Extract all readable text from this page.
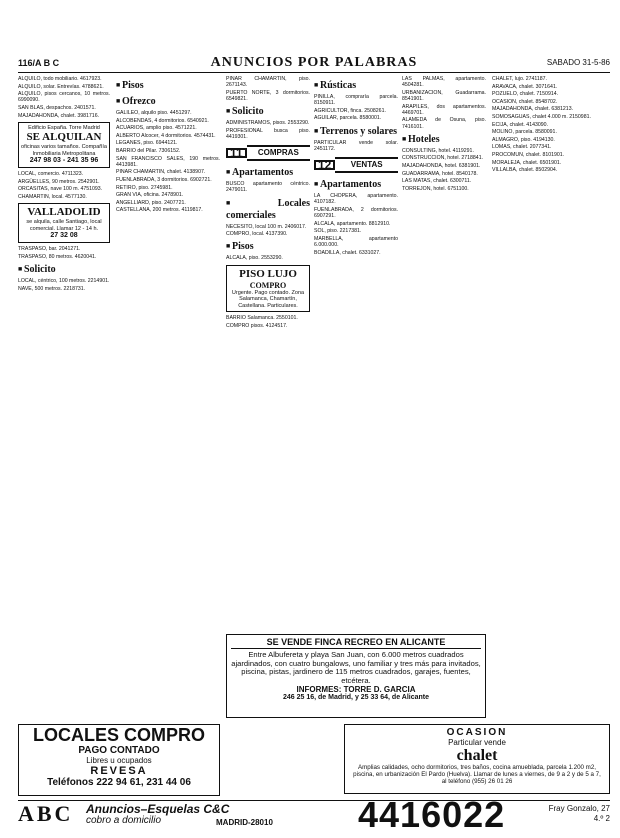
116/A B C	ANUNCIOS POR PALABRAS	SABADO 31-5-86

ALQUILO, todo mobiliario. 4617923.

ALQUILO, solar. Entrevías. 4788621.

ALQUILO, pisos cercanos, 10 metros. 6990090.

SAN BLAS, despachos. 2401571.

MAJADAHONDA, chalet. 3981716.

Edificio España. Torre Madrid
SE ALQUILAN
oficinas varios tamaños. Compañía Inmobiliaria Metropolitana
247 98 03 - 241 35 96

LOCAL, comercio. 4711323.

ARGÜELLES, 90 metros. 2542901.

ORCASITAS, nave 100 m. 4751093.

CHAMARTIN, local. 4577130.

VALLADOLID
se alquila, calle Santiago, local comercial. Llamar 12 - 14 h.
27 32 08

TRASPASO, bar. 2041271.

TRASPASO, 80 metros. 4620041.

■ Solicito

LOCAL, céntrico, 100 metros. 2214901.

NAVE, 500 metros. 2218731.

■ Pisos
■ Ofrezco

GALILEO, alquilo piso. 4451297.

ALCOBENDAS, 4 dormitorios. 6540921.

ACUARIOS, amplio piso. 4571221.

ALBERTO Alcocer, 4 dormitorios. 4574431.

LEGANES, piso. 6944121.

BARRIO del Pilar. 7306152.

SAN FRANCISCO SALES, 190 metros. 4413981.

PINAR CHAMARTIN, chalet. 4138907.

FUENLABRADA, 3 dormitorios. 6902721.

RETIRO, piso. 2745981.

GRAN VIA, oficina. 2478901.

ANGELLIARD, piso. 2407721.

CASTELLANA, 200 metros. 4119817.

PINAR CHAMARTIN, piso. 2671143.

PUERTO NORTE, 3 dormitorios. 6549821.

■ Solicito

ADMINISTRAMOS, pisos. 2553290.

PROFESIONAL busca piso. 4419301.

11	COMPRAS
■ Apartamentos

BUSCO apartamento céntrico. 2479011.

■ Locales comerciales

NECESITO, local 100 m. 2406017.

COMPRO, local. 4137390.

■ Pisos

ALCALA, piso. 2553290.

PISO LUJO
COMPRO
Urgente. Pago contado. Zona Salamanca, Chamartín, Castellana. Particulares.

BARRIO Salamanca. 2550101.

COMPRO pisos. 4124517.

■ Rústicas

PINILLA, compraría parcela. 8150911.

AGRICULTOR, finca. 2508261.

AGUILAR, parcela. 8580001.

■ Terrenos y solares

PARTICULAR vende solar. 2451172.

12	VENTAS
■ Apartamentos

LA CHOPERA, apartamento. 4107182.

FUENLABRADA, 2 dormitorios. 6907291.

ALCALA, apartamento. 8812910.

SOL, piso. 2217381.

MARBELLA, apartamento 6.000.000.

BOADILLA, chalet. 6331027.

LAS PALMAS, apartamento. 4504281.

URBANIZACION, Guadarrama. 8541901.

ARAPILES, dos apartamentos. 4469701.

ALAMEDA de Osuna, piso. 7416101.

■ Hoteles

CONSULTING, hotel. 4119291.

CONSTRUCCION, hotel. 2718841.

MAJADAHONDA, hotel. 6381901.

GUADARRAMA, hotel. 8540178.

LAS MATAS, chalet. 6300711.

TORREJON, hotel. 6751100.

CHALET, lujo. 2741187.

ARAVACA, chalet. 3071641.

POZUELO, chalet. 7150914.

OCASION, chalet. 8548702.

MAJADAHONDA, chalet. 6381213.

SOMOSAGUAS, chalet 4.000 m. 2150981.

ECIJA, chalet. 4143090.

MOLINO, parcela. 8580091.

ALMAGRO, piso. 4194130.

LOMAS, chalet. 2077341.

PROCOMUN, chalet. 8101901.

MORALEJA, chalet. 6501901.

VILLALBA, chalet. 8502904.

SE VENDE FINCA RECREO EN ALICANTE
Entre Albufereta y playa San Juan, con 6.000 metros cuadrados ajardinados, con cuatro bungalows, uno familiar y tres más para invitados, piscina, pistas, jardinero de 115 metros cuadrados, garajes, fuentes, etcétera.
INFORMES: TORRE D. GARCIA
246 25 16, de Madrid, y 25 33 64, de Alicante
LOCALES COMPRO
PAGO CONTADO
Libres u ocupados
REVESA
Teléfonos 222 94 61, 231 44 06
OCASION
Particular vende
chalet
Amplias calidades, ocho dormitorios, tres baños, cocina amueblada, parcela 1.200 m2, piscina, en urbanización El Pardo (Huelva). Llamar de lunes a viernes, de 9 a 2 y de 5 a 7, al teléfono (955) 26 01 26
ABC Anuncios–Esquelas C&C
cobro a domicilio	MADRID-28010 4416022	Fray Gonzalo, 27
4.º 2
